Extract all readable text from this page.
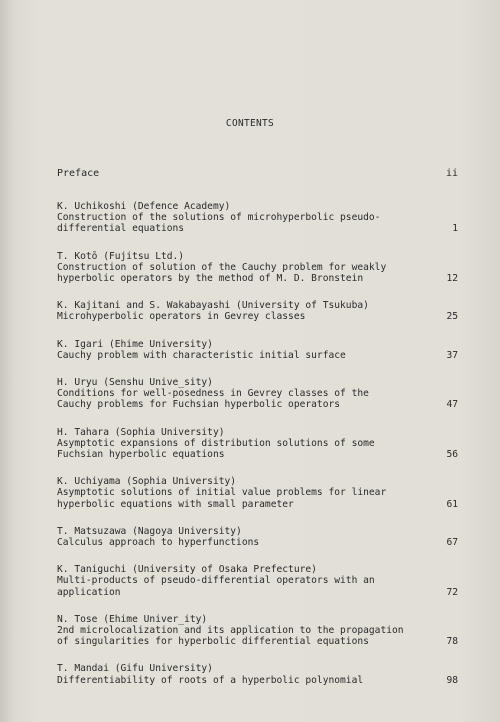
CONTENTS
Preface	ii
K. Uchikoshi (Defence Academy)
Construction of the solutions of microhyperbolic pseudo-
differential equations	1
T. Kotō (Fujitsu Ltd.)
Construction of solution of the Cauchy problem for weakly
hyperbolic operators by the method of M. D. Bronstein	12
K. Kajitani and S. Wakabayashi (University of Tsukuba)
Microhyperbolic operators in Gevrey classes	25
K. Igari (Ehime University)
Cauchy problem with characteristic initial surface	37
H. Uryu (Senshu Unive_sity)
Conditions for well-posedness in Gevrey classes of the
Cauchy problems for Fuchsian hyperbolic operators	47
H. Tahara (Sophia University)
Asymptotic expansions of distribution solutions of some
Fuchsian hyperbolic equations	56
K. Uchiyama (Sophia University)
Asymptotic solutions of initial value problems for linear
hyperbolic equations with small parameter	61
T. Matsuzawa (Nagoya University)
Calculus approach to hyperfunctions	67
K. Taniguchi (University of Osaka Prefecture)
Multi-products of pseudo-differential operators with an
application	72
N. Tose (Ehime Univer_ity)
2nd microlocalization and its application to the propagation
of singularities for hyperbolic differential equations	78
T. Mandai (Gifu University)
Differentiability of roots of a hyperbolic polynomial	98
